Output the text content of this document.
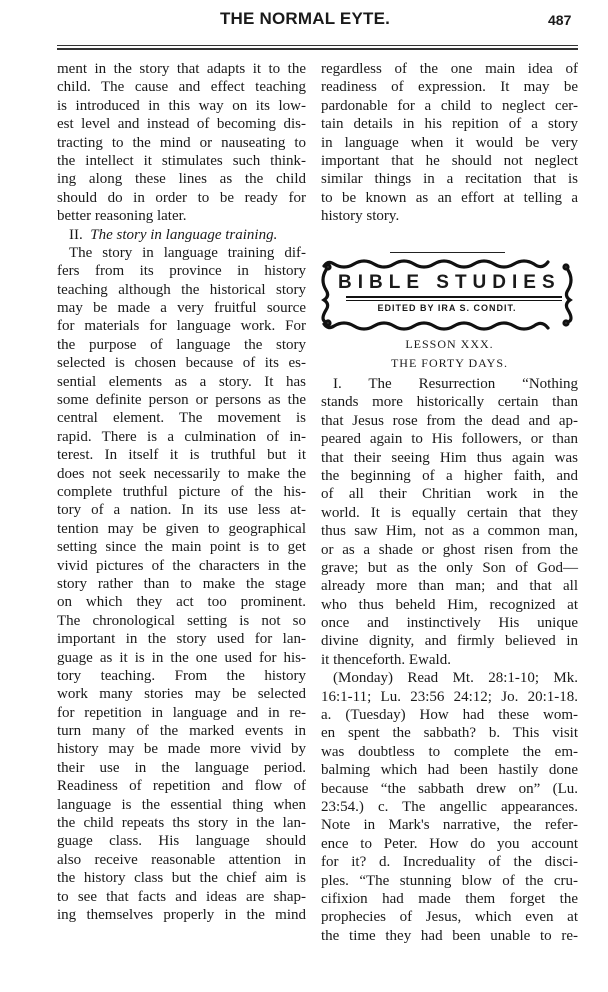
THE NORMAL EYTE.	487
ment in the story that adapts it to the
child. The cause and effect teaching
is introduced in this way on its low-
est level and instead of becoming dis-
tracting to the mind or nauseating to
the intellect it stimulates such think-
ing along these lines as the child
should do in order to be ready for
better reasoning later.
II. The story in language training.
The story in language training dif-
fers from its province in history
teaching although the historical story
may be made a very fruitful source
for materials for language work. For
the purpose of language the story
selected is chosen because of its es-
sential elements as a story. It has
some definite person or persons as the
central element. The movement is
rapid. There is a culmination of in-
terest. In itself it is truthful but it
does not seek necessarily to make the
complete truthful picture of the his-
tory of a nation. In its use less at-
tention may be given to geographical
setting since the main point is to get
vivid pictures of the characters in the
story rather than to make the stage
on which they act too prominent.
The chronological setting is not so
important in the story used for lan-
guage as it is in the one used for his-
tory teaching. From the history
work many stories may be selected
for repetition in language and in re-
turn many of the marked events in
history may be made more vivid by
their use in the language period.
Readiness of repetition and flow of
language is the essential thing when
the child repeats ths story in the lan-
guage class. His language should
also receive reasonable attention in
the history class but the chief aim is
to see that facts and ideas are shap-
ing themselves properly in the mind
regardless of the one main idea of
readiness of expression. It may be
pardonable for a child to neglect cer-
tain details in his repition of a story
in language when it would be very
important that he should not neglect
similar things in a recitation that is
to be known as an effort at telling a
history story.
BIBLE STUDIES
EDITED BY IRA S. CONDIT.
LESSON XXX.
THE FORTY DAYS.
I. The Resurrection “Nothing
stands more historically certain than
that Jesus rose from the dead and ap-
peared again to His followers, or than
that their seeing Him thus again was
the beginning of a higher faith, and
of all their Chritian work in the
world. It is equally certain that they
thus saw Him, not as a common man,
or as a shade or ghost risen from the
grave; but as the only Son of God—
already more than man; and that all
who thus beheld Him, recognized at
once and instinctively His unique
divine dignity, and firmly believed in
it thenceforth. Ewald.
(Monday) Read Mt. 28:1-10; Mk.
16:1-11; Lu. 23:56 24:12; Jo. 20:1-18.
a. (Tuesday) How had these wom-
en spent the sabbath? b. This visit
was doubtless to complete the em-
balming which had been hastily done
because “the sabbath drew on” (Lu.
23:54.) c. The angellic appearances.
Note in Mark's narrative, the refer-
ence to Peter. How do you account
for it? d. Increduality of the disci-
ples. “The stunning blow of the cru-
cifixion had made them forget the
prophecies of Jesus, which even at
the time they had been unable to re-
